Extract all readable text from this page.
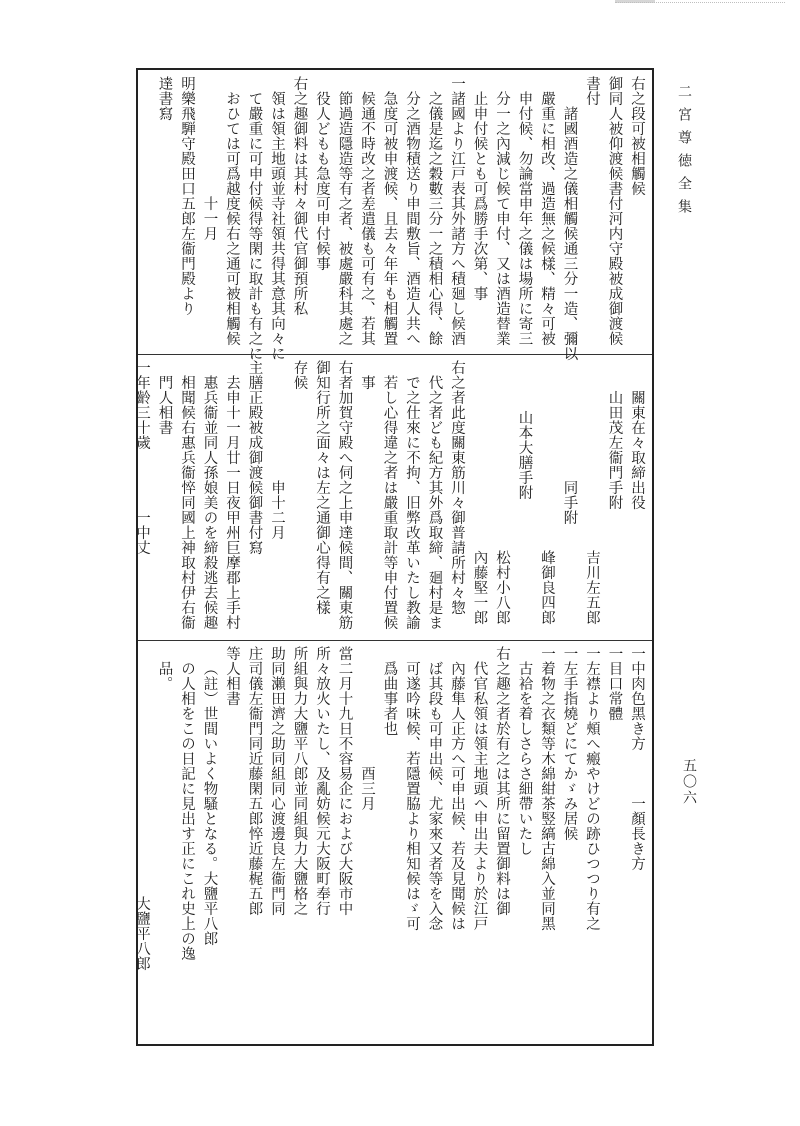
二宮尊徳全集
五〇六
右之段可被相觸候
御同人被仰渡候書付河内守殿被成御渡候
書付
諸國酒造之儀相觸候通三分一造、彌以
嚴重に相改、過造無之候樣、精々可被
申付候、勿論當申年之儀は場所に寄三
分一之內減じ候て申付、又は酒造替業
止申付候とも可爲勝手次第、事
一諸國より江戸表其外諸方へ積廻し候酒
之儀是迄之穀數三分一之積相心得、餘
分之酒物積送り申間敷旨、酒造人共へ
急度可被申渡候、且去々年年も相觸置
候通不時改之者差遣儀も可有之、若其
節過造隱造等有之者、被處嚴科其處之
役人どもも急度可申付候事
右之趣御料は其村々御代官御預所私
領は領主地頭並寺社領共得其意其向々に
て嚴重に可申付候得等閑に取計も有之に
おひては可爲越度候右之通可被相觸候
十一月
明樂飛騨守殿田口五郎左衞門殿より
達書寫
關東在々取締出役
山田茂左衞門手附
吉川左五郎
同手附
峰御良四郎
山本大膳手附
松村小八郎
內藤堅一郎
右之者此度關東筋川々御普請所村々惣
代之者ども紀方其外爲取締、廻村是ま
で之仕來に不拘、旧弊改革いたし教諭
若し心得違之者は嚴重取計等申付置候
事
右者加賀守殿へ伺之上申達候間、關東筋
御知行所之面々は左之通御心得有之樣
存候
申十二月
主膳正殿被成御渡候御書付寫
去申十一月廿一日夜甲州巨摩郡上手村
惠兵衞並同人孫娘美のを締殺逃去候趣
相聞候右惠兵衞悴同國上神取村伊右衞
門人相書
一年齡三十歲　　　　一中丈
一中肉色黑き方　　　一顏長き方
一目口常體
一左襟より頰へ瘢やけどの跡ひつつり有之
一左手指燒どにてかゞみ居候
一着物之衣類等木綿紺茶竪縞古綿入並同黑
古袷を着しさらさ細帶いたし
右之趣之者於有之は其所に留置御料は御
代官私領は領主地頭へ申出夫より於江戸
內藤隼人正方へ可申出候、若及見聞候は
ば其段も可申出候、尤家來又者等を入念
可遂吟味候、若隱置脇より相知候はゞ可
爲曲事者也
酉三月
當二月十九日不容易企におよび大阪市中
所々放火いたし、及亂妨候元大阪町奉行
所組與力大鹽平八郎並同組與力大鹽格之
助同瀨田濟之助同組同心渡邊良左衞門同
庄司儀左衞門同近藤閑五郎悴近藤梶五郎
等人相書
（註）世間いよく物騷となる。大鹽平八郎
の人相をこの日記に見出す正にこれ史上の逸
品。
大鹽平八郎
